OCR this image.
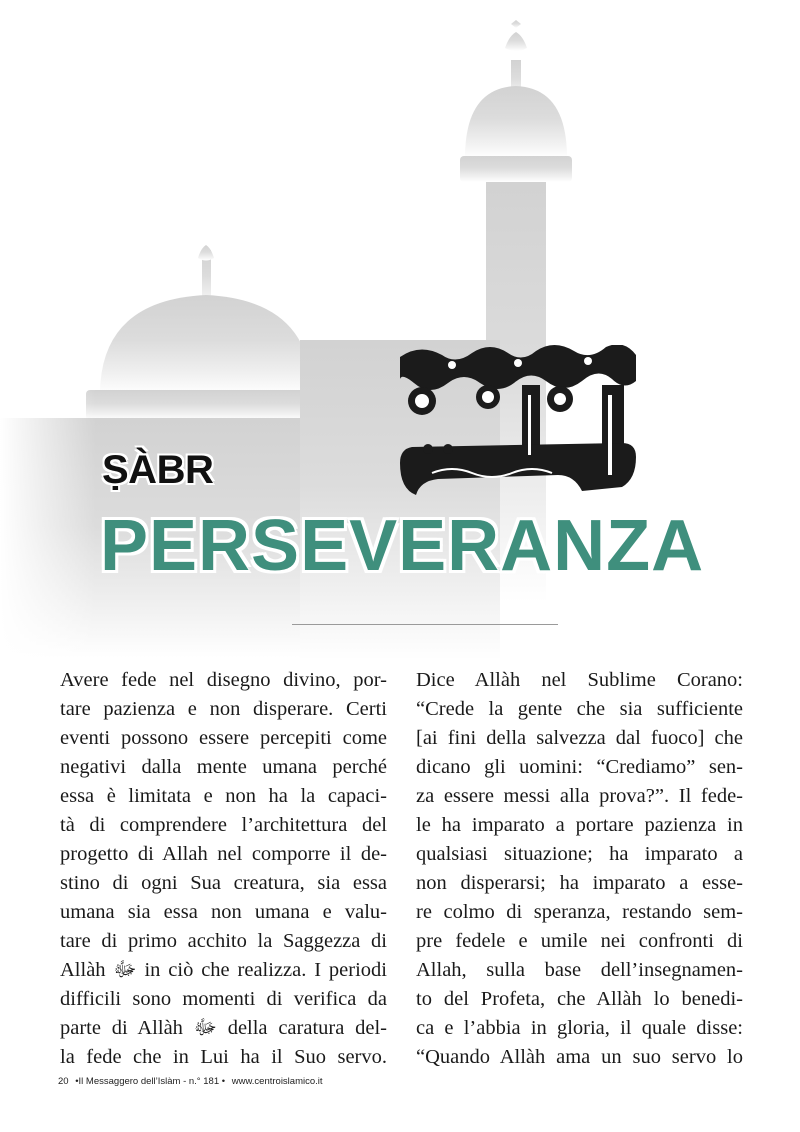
ṢÀBR
PERSEVERANZA

Avere fede nel disegno divino, por-

tare pazienza e non disperare. Certi

eventi possono essere percepiti come

negativi dalla mente umana perché

essa è limitata e non ha la capaci-

tà di comprendere l’architettura del

progetto di Allah nel comporre il de-

stino di ogni Sua creatura, sia essa

umana sia essa non umana e valu-

tare di primo acchito la Saggezza di

Allàh ﷻ in ciò che realizza. I periodi

difficili sono momenti di verifica da

parte di Allàh ﷻ della caratura del-

la fede che in Lui ha il Suo servo.

Dice Allàh nel Sublime Corano:

“Crede la gente che sia sufficiente

[ai fini della salvezza dal fuoco] che

dicano gli uomini: “Crediamo” sen-

za essere messi alla prova?”. Il fede-

le ha imparato a portare pazienza in

qualsiasi situazione; ha imparato a

non disperarsi; ha imparato a esse-

re colmo di speranza, restando sem-

pre fedele e umile nei confronti di

Allah, sulla base dell’insegnamen-

to del Profeta, che Allàh lo benedi-

ca e l’abbia in gloria, il quale disse:

“Quando Allàh ama un suo servo lo

20 •Il Messaggero dell’Islàm - n.° 181 • www.centroislamico.it
